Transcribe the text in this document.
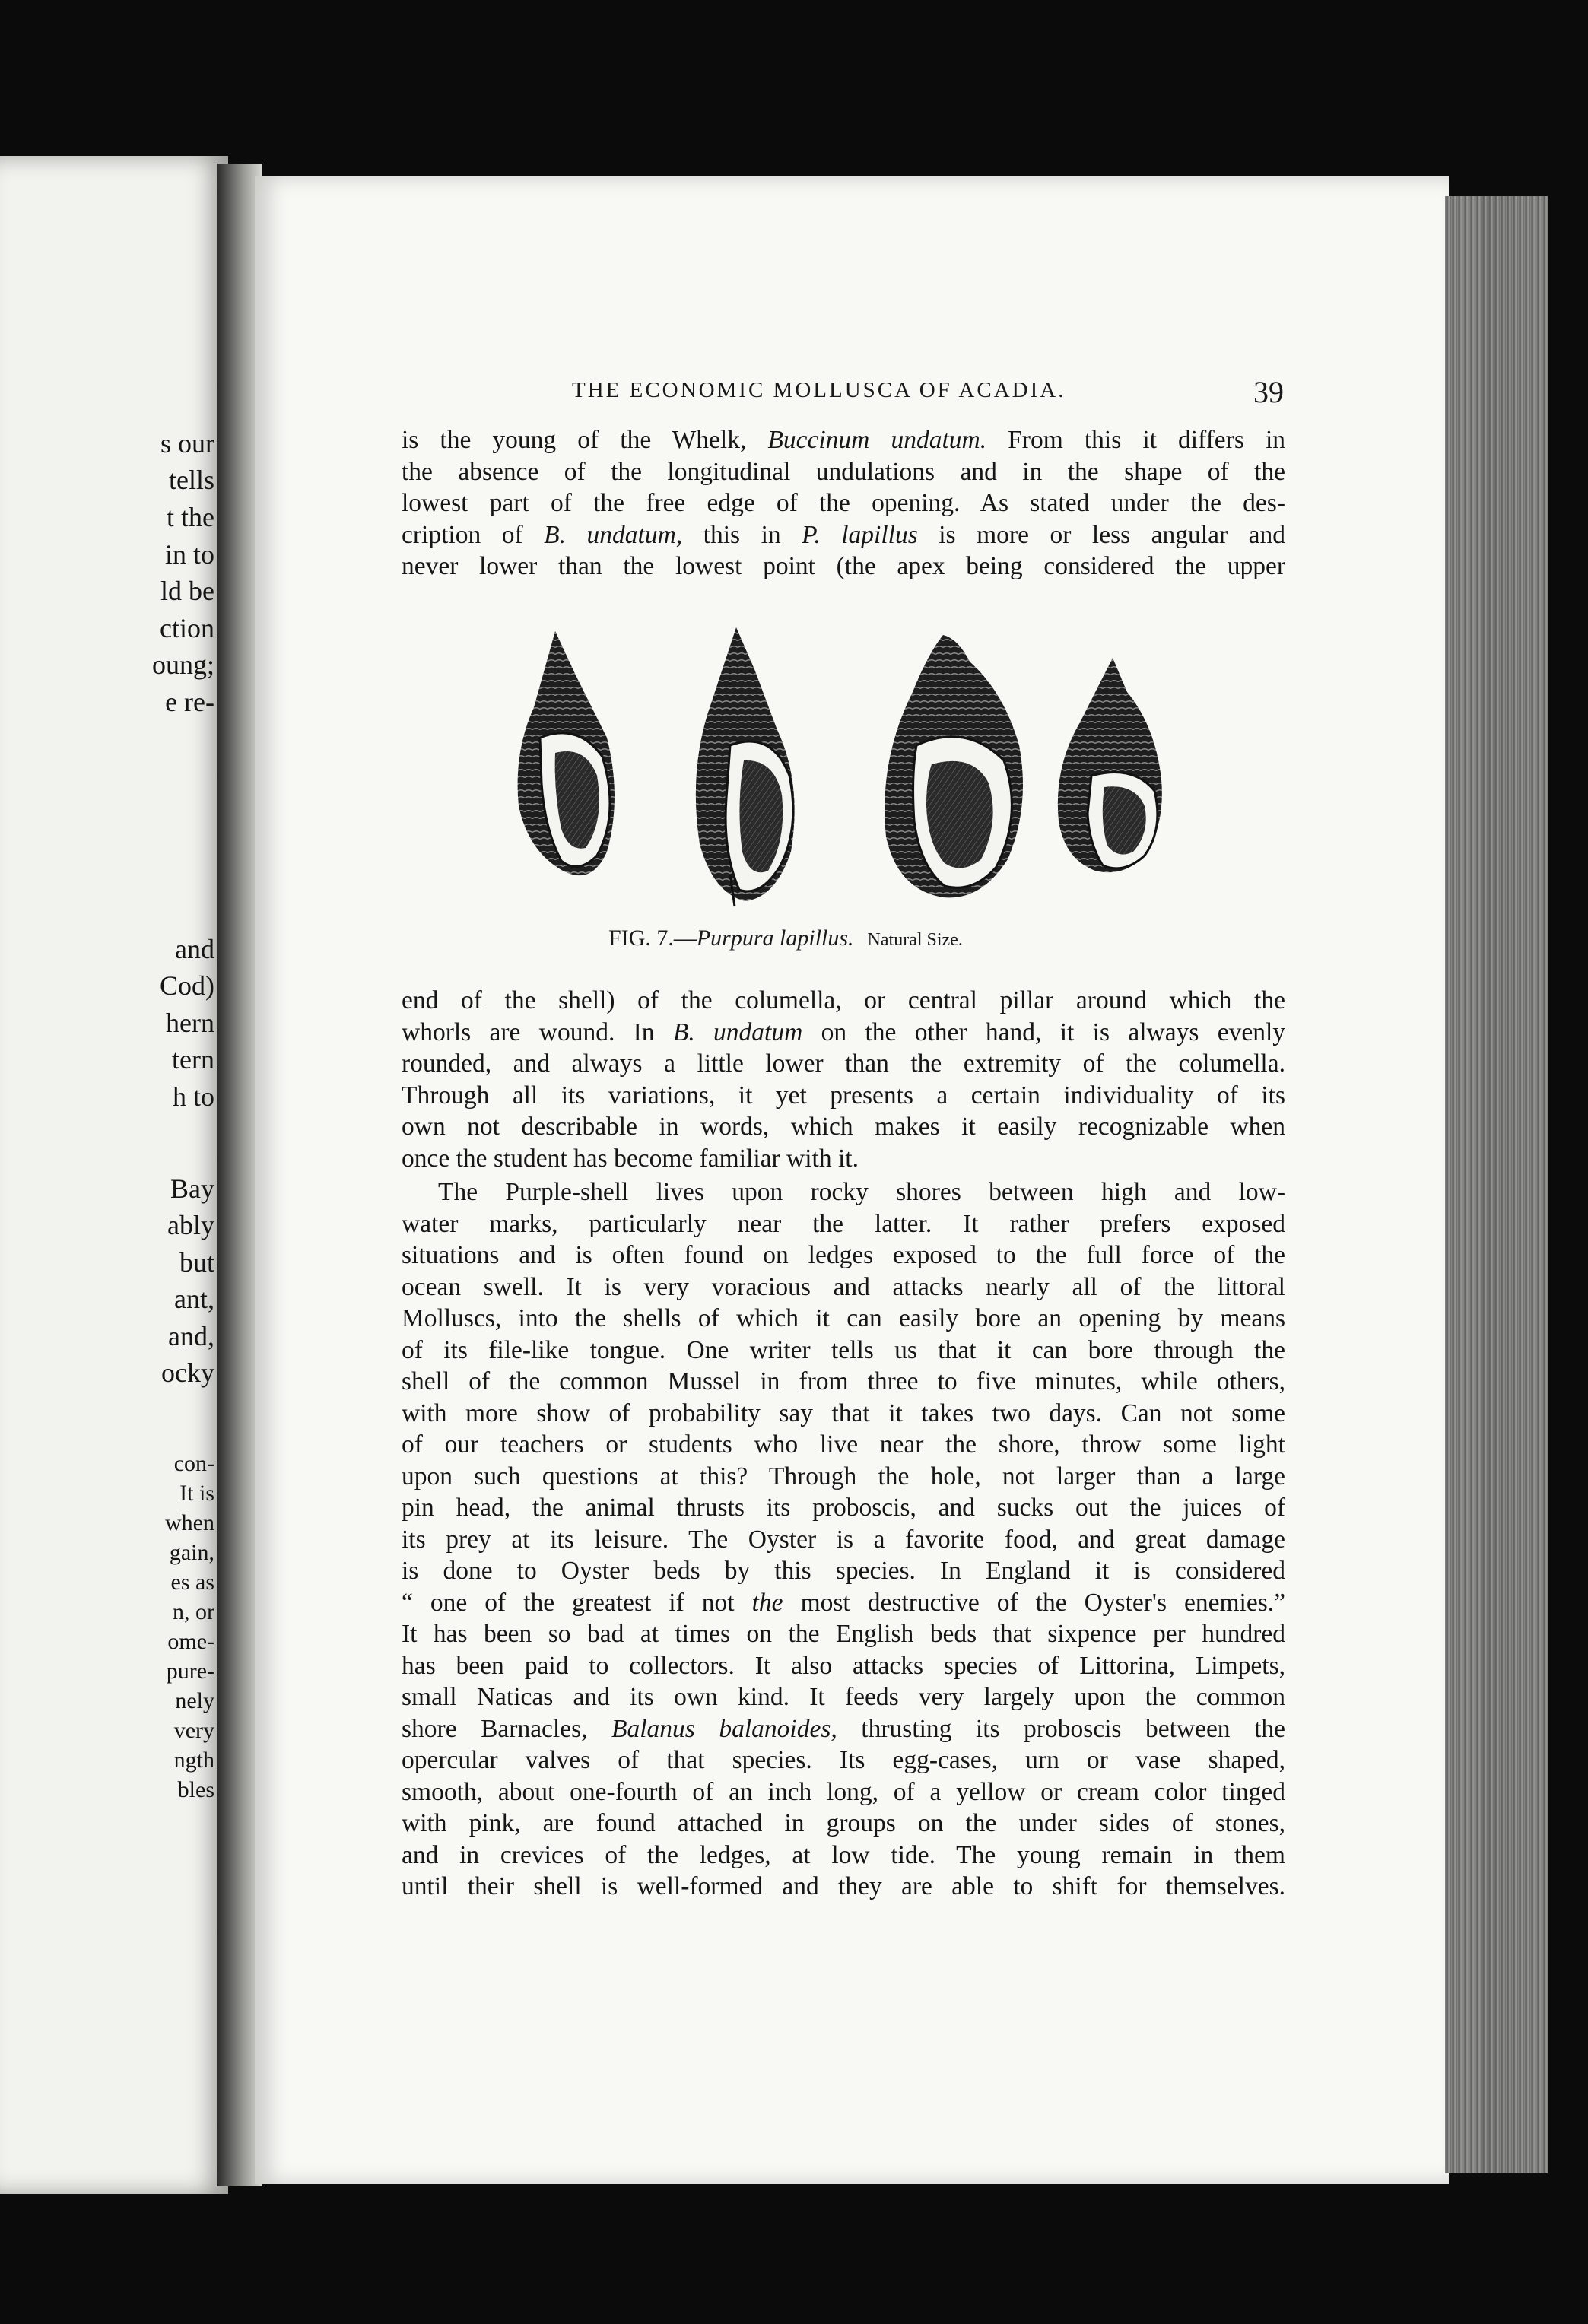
s our
tells
t the
in to
ld be
ction
oung;
e re-
and
Cod)
hern
tern
h to
Bay
ably
but
ant,
and,
ocky
con-
It is
when
gain,
es as
n, or
ome-
pure-
nely
very
ngth
bles
THE ECONOMIC MOLLUSCA OF ACADIA.	39
is the young of the Whelk, Buccinum undatum. From this it differs in
the absence of the longitudinal undulations and in the shape of the
lowest part of the free edge of the opening. As stated under the des-
cription of B. undatum, this in P. lapillus is more or less angular and
never lower than the lowest point (the apex being considered the upper
FIG. 7.—Purpura lapillus. Natural Size.
end of the shell) of the columella, or central pillar around which the
whorls are wound. In B. undatum on the other hand, it is always evenly
rounded, and always a little lower than the extremity of the columella.
Through all its variations, it yet presents a certain individuality of its
own not describable in words, which makes it easily recognizable when
once the student has become familiar with it.
The Purple-shell lives upon rocky shores between high and low-
water marks, particularly near the latter. It rather prefers exposed
situations and is often found on ledges exposed to the full force of the
ocean swell. It is very voracious and attacks nearly all of the littoral
Molluscs, into the shells of which it can easily bore an opening by means
of its file-like tongue. One writer tells us that it can bore through the
shell of the common Mussel in from three to five minutes, while others,
with more show of probability say that it takes two days. Can not some
of our teachers or students who live near the shore, throw some light
upon such questions at this? Through the hole, not larger than a large
pin head, the animal thrusts its proboscis, and sucks out the juices of
its prey at its leisure. The Oyster is a favorite food, and great damage
is done to Oyster beds by this species. In England it is considered
“ one of the greatest if not the most destructive of the Oyster's enemies.”
It has been so bad at times on the English beds that sixpence per hundred
has been paid to collectors. It also attacks species of Littorina, Limpets,
small Naticas and its own kind. It feeds very largely upon the common
shore Barnacles, Balanus balanoides, thrusting its proboscis between the
opercular valves of that species. Its egg-cases, urn or vase shaped,
smooth, about one-fourth of an inch long, of a yellow or cream color tinged
with pink, are found attached in groups on the under sides of stones,
and in crevices of the ledges, at low tide. The young remain in them
until their shell is well-formed and they are able to shift for themselves.
